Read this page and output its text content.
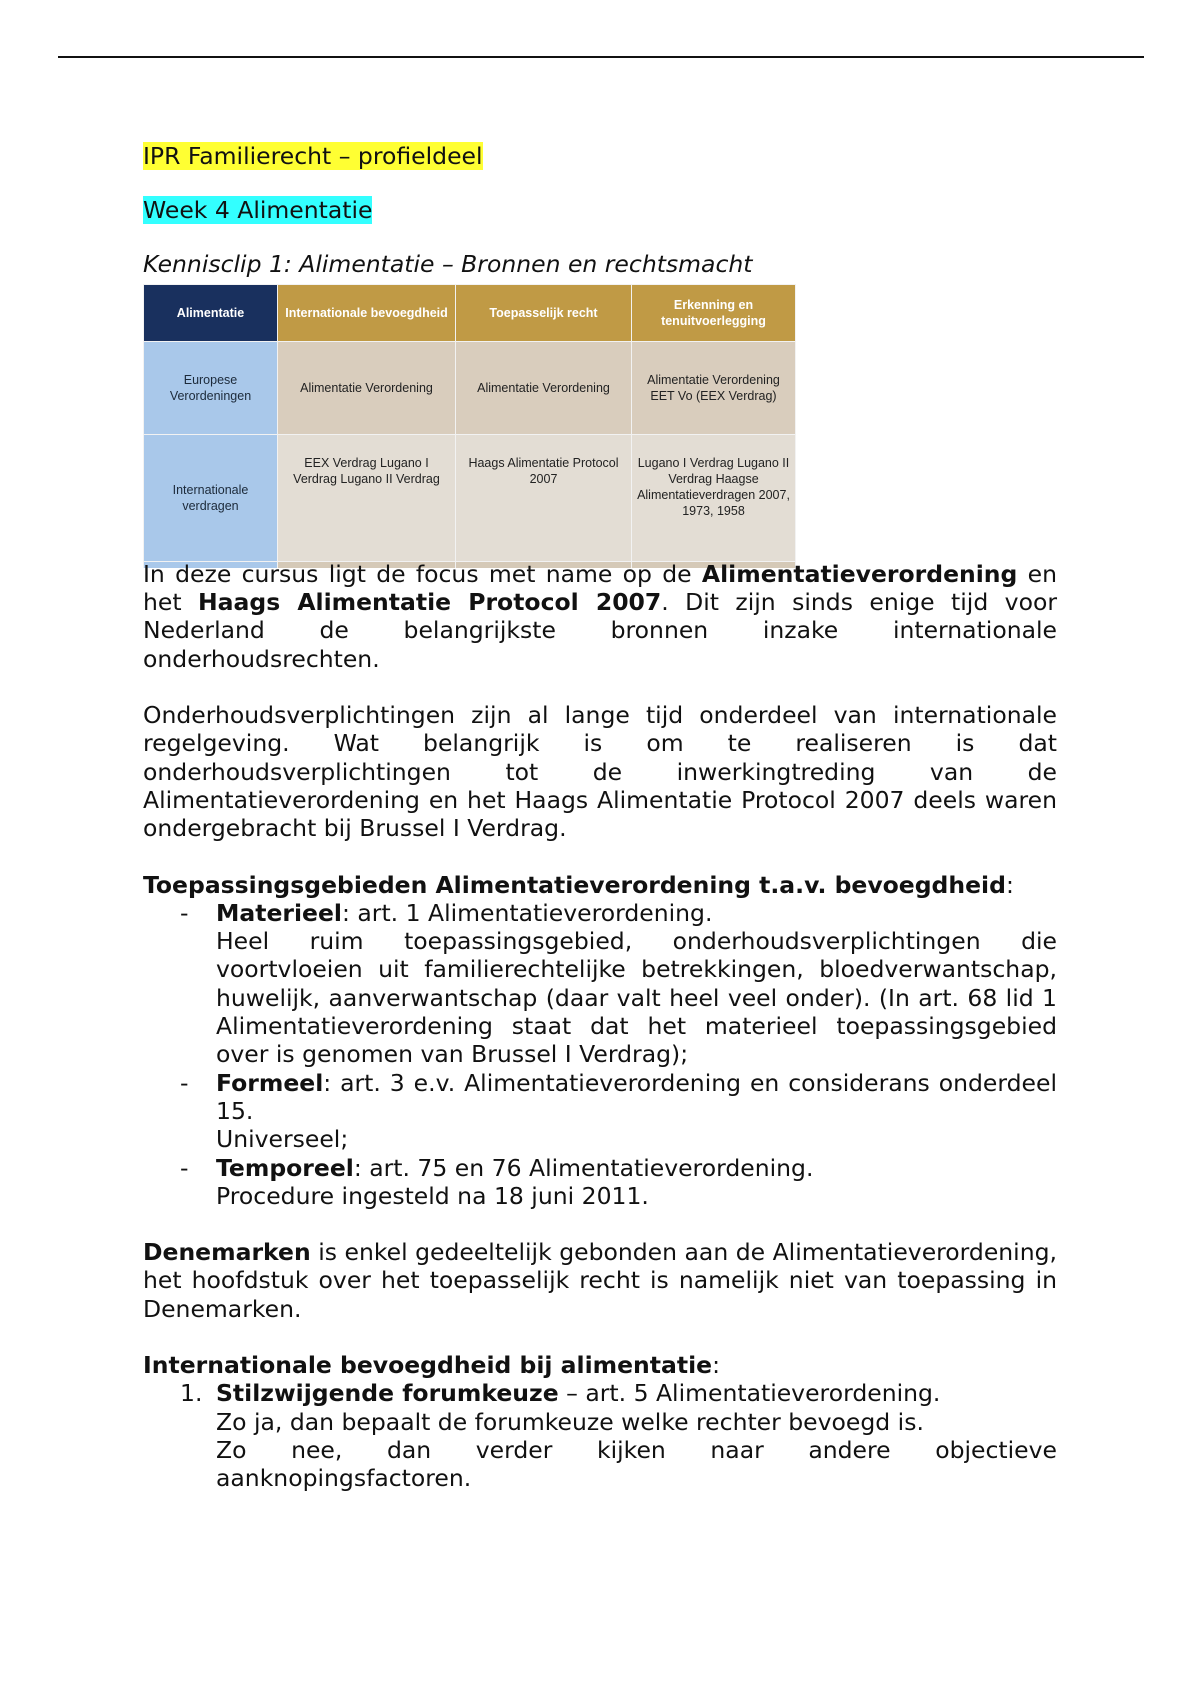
IPR Familierecht – profieldeel
Week 4 Alimentatie
Kennisclip 1: Alimentatie – Bronnen en rechtsmacht
Alimentatie	Internationale bevoegdheid	Toepasselijk recht	Erkenning en tenuitvoerlegging
Europese Verordeningen	Alimentatie Verordening	Alimentatie Verordening	Alimentatie Verordening EET Vo (EEX Verdrag)
Internationale verdragen	EEX Verdrag Lugano I Verdrag Lugano II Verdrag	Haags Alimentatie Protocol 2007	Lugano I Verdrag Lugano II Verdrag Haagse Alimentatieverdragen 2007, 1973, 1958

In deze cursus ligt de focus met name op de Alimentatieverordening en het Haags Alimentatie Protocol 2007. Dit zijn sinds enige tijd voor Nederland de belangrijkste bronnen inzake internationale onderhoudsrechten.

Onderhoudsverplichtingen zijn al lange tijd onderdeel van internationale regelgeving. Wat belangrijk is om te realiseren is dat onderhoudsverplichtingen tot de inwerkingtreding van de Alimentatieverordening en het Haags Alimentatie Protocol 2007 deels waren ondergebracht bij Brussel I Verdrag.

Toepassingsgebieden Alimentatieverordening t.a.v. bevoegdheid:
- Materieel: art. 1 Alimentatieverordening.
Heel ruim toepassingsgebied, onderhoudsverplichtingen die voortvloeien uit familierechtelijke betrekkingen, bloedverwantschap, huwelijk, aanverwantschap (daar valt heel veel onder). (In art. 68 lid 1 Alimentatieverordening staat dat het materieel toepassingsgebied over is genomen van Brussel I Verdrag);
- Formeel: art. 3 e.v. Alimentatieverordening en considerans onderdeel 15.
Universeel;
- Temporeel: art. 75 en 76 Alimentatieverordening.
Procedure ingesteld na 18 juni 2011.

Denemarken is enkel gedeeltelijk gebonden aan de Alimentatieverordening, het hoofdstuk over het toepasselijk recht is namelijk niet van toepassing in Denemarken.

Internationale bevoegdheid bij alimentatie:
1. Stilzwijgende forumkeuze – art. 5 Alimentatieverordening.
Zo ja, dan bepaalt de forumkeuze welke rechter bevoegd is.
Zo nee, dan verder kijken naar andere objectieve aanknopingsfactoren.
